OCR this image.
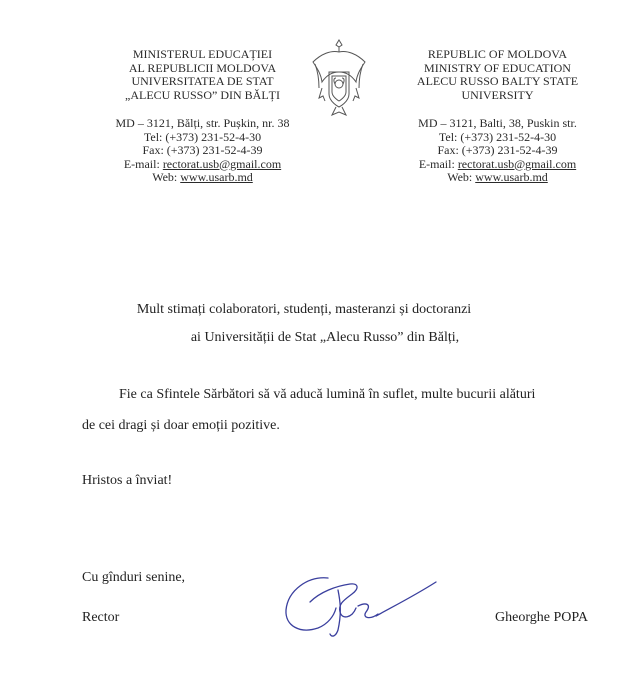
MINISTERUL EDUCAȚIEI
AL REPUBLICII MOLDOVA
UNIVERSITATEA DE STAT
„ALECU RUSSO” DIN BĂLȚI
MD – 3121, Bălți, str. Pușkin, nr. 38
Tel: (+373) 231-52-4-30
Fax: (+373) 231-52-4-39
E-mail: rectorat.usb@gmail.com
Web: www.usarb.md
REPUBLIC OF MOLDOVA
MINISTRY OF EDUCATION
ALECU RUSSO BALTY STATE
UNIVERSITY
MD – 3121, Balti, 38, Puskin str.
Tel: (+373) 231-52-4-30
Fax: (+373) 231-52-4-39
E-mail: rectorat.usb@gmail.com
Web: www.usarb.md
Mult stimați colaboratori, studenți, masteranzi și doctoranzi
ai Universității de Stat „Alecu Russo” din Bălți,
Fie ca Sfintele Sărbători să vă aducă lumină în suflet, multe bucurii alături
de cei dragi și doar emoții pozitive.
Hristos a înviat!
Cu gînduri senine,
Rector	Gheorghe POPA
